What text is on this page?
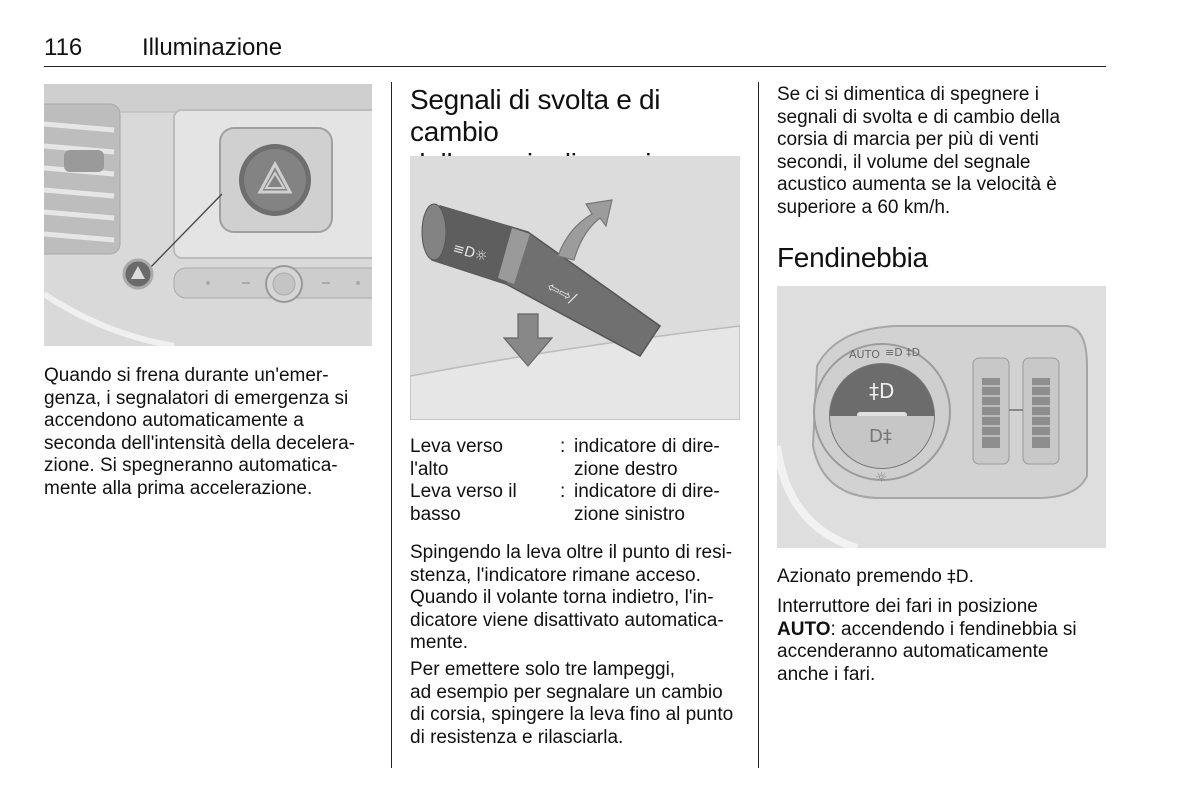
116 Illuminazione

Quando si frena durante un'emer-
genza, i segnalatori di emergenza si
accendono automaticamente a
seconda dell'intensità della decelera-
zione. Si spegneranno automatica-
mente alla prima accelerazione.

Segnali di svolta e di cambio

≡D☼
⇦⇨/
Leva verso
l'alto
: indicatore di dire-
zione destro
Leva verso il
basso
: indicatore di dire-
zione sinistro

Spingendo la leva oltre il punto di resi-
stenza, l'indicatore rimane acceso.
Quando il volante torna indietro, l'in-
dicatore viene disattivato automatica-
mente.

Per emettere solo tre lampeggi,
ad esempio per segnalare un cambio
di corsia, spingere la leva fino al punto
di resistenza e rilasciarla.

Se ci si dimentica di spegnere i
segnali di svolta e di cambio della
corsia di marcia per più di venti
secondi, il volume del segnale
acustico aumenta se la velocità è
superiore a 60 km/h.

Fendinebbia
AUTO ≡D ‡D
‡D
D‡
☼

Azionato premendo ‡D.

Interruttore dei fari in posizione
AUTO: accendendo i fendinebbia si
accenderanno automaticamente
anche i fari.
